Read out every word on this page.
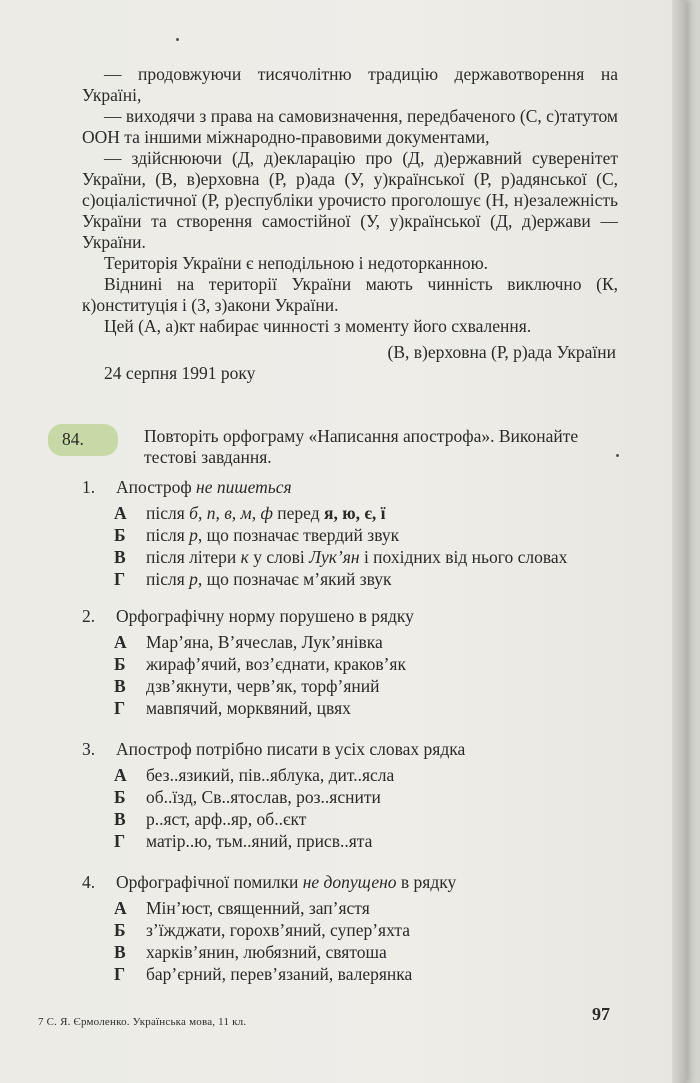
— продовжуючи тисячолітню традицію державотворення на Україні,
— виходячи з права на самовизначення, передбаченого (С, с)татутом ООН та іншими міжнародно-правовими документами,
— здійснюючи (Д, д)екларацію про (Д, д)ержавний суверенітет України, (В, в)ерховна (Р, р)ада (У, у)країнської (Р, р)адянської (С, с)оціалістичної (Р, р)еспубліки урочисто проголошує (Н, н)езалежність України та створення самостійної (У, у)країнської (Д, д)ержави — України.
Територія України є неподільною і недоторканною.
Віднині на території України мають чинність виключно (К, к)онституція і (З, з)акони України.
Цей (А, а)кт набирає чинності з моменту його схвалення.
(В, в)ерховна (Р, р)ада України
24 серпня 1991 року
84.	Повторіть орфограму «Написання апострофа». Виконайте тестові завдання.
1. Апостроф не пишеться
А після б, п, в, м, ф перед я, ю, є, ї
Б після р, що позначає твердий звук
В після літери к у слові Лук’ян і похідних від нього словах
Г після р, що позначає м’який звук
2. Орфографічну норму порушено в рядку
А Мар’яна, В’ячеслав, Лук’янівка
Б жираф’ячий, воз’єднати, краков’як
В дзв’якнути, черв’як, торф’яний
Г мавпячий, морквяний, цвях
3. Апостроф потрібно писати в усіх словах рядка
А без..язикий, пів..яблука, дит..ясла
Б об..їзд, Св..ятослав, роз..яснити
В р..яст, арф..яр, об..єкт
Г матір..ю, тьм..яний, присв..ята
4. Орфографічної помилки не допущено в рядку
А Мін’юст, священний, зап’ястя
Б з’їжджати, горохв’яний, супер’яхта
В харків’янин, любязний, святоша
Г бар’єрний, перев’язаний, валерянка
7 С. Я. Єрмоленко. Українська мова, 11 кл.	97
